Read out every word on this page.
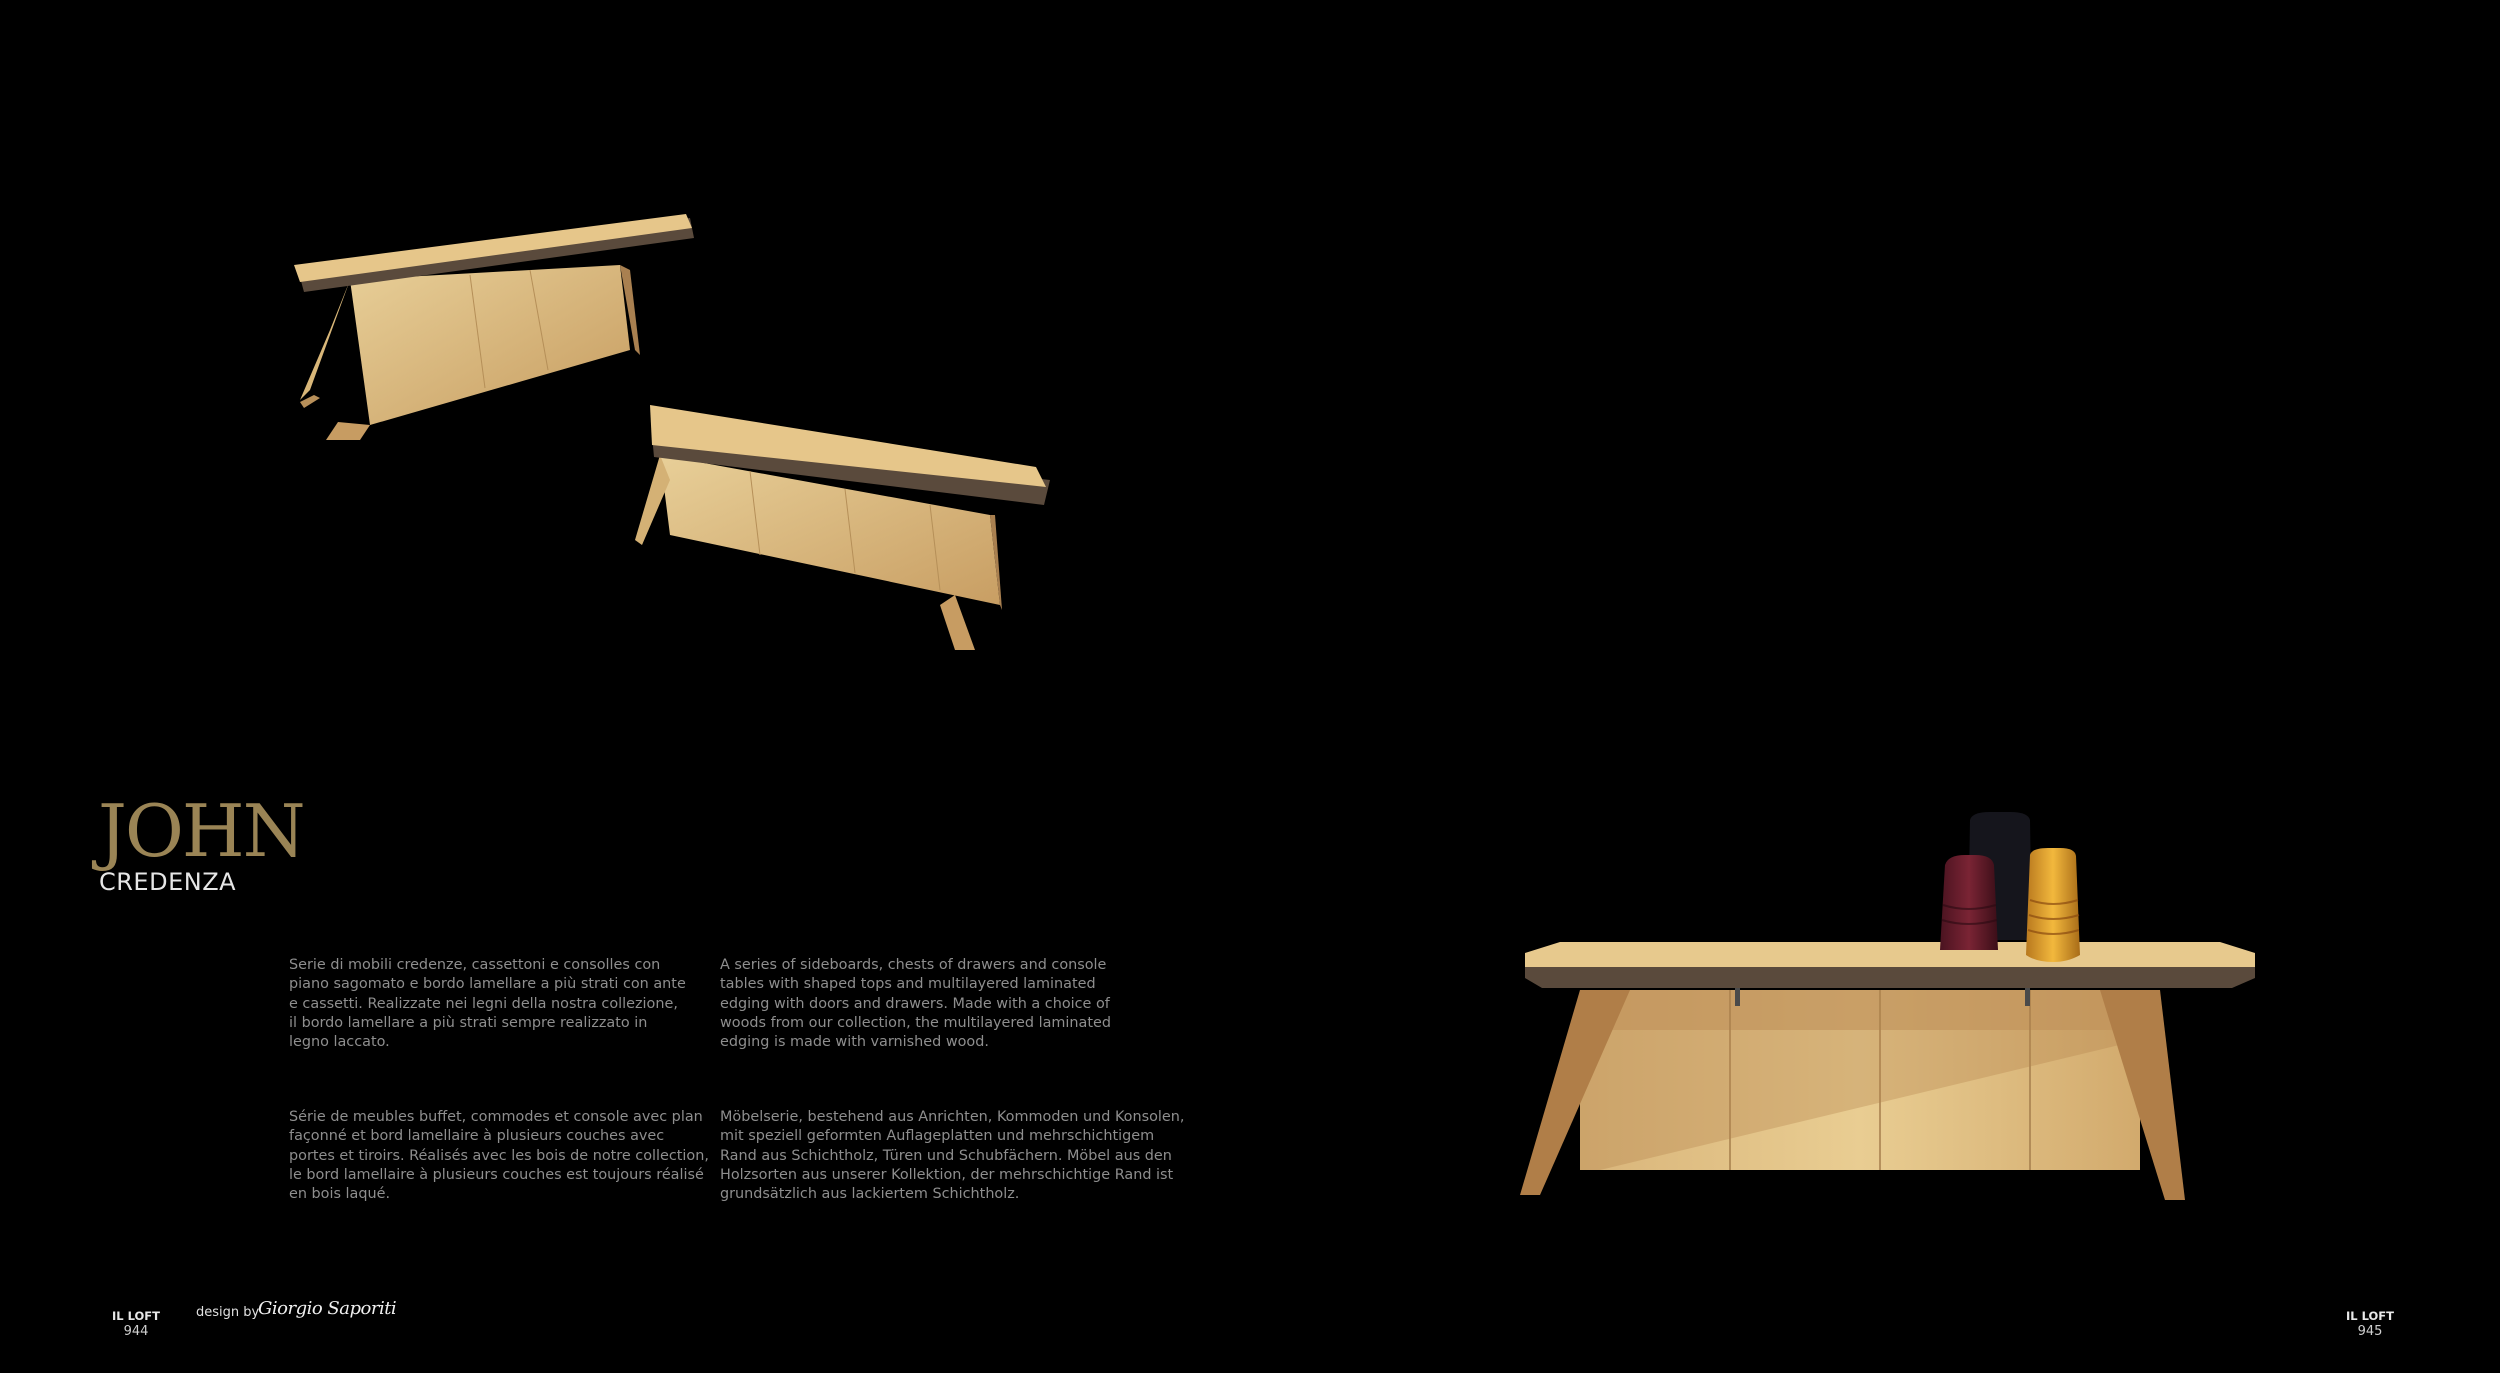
JOHN
CREDENZA
Serie di mobili credenze, cassettoni e consolles con
piano sagomato e bordo lamellare a più strati con ante
e cassetti. Realizzate nei legni della nostra collezione,
il bordo lamellare a più strati sempre realizzato in
legno laccato.
A series of sideboards, chests of drawers and console
tables with shaped tops and multilayered laminated
edging with doors and drawers. Made with a choice of
woods from our collection, the multilayered laminated
edging is made with varnished wood.
Série de meubles buffet, commodes et console avec plan
façonné et bord lamellaire à plusieurs couches avec
portes et tiroirs. Réalisés avec les bois de notre collection,
le bord lamellaire à plusieurs couches est toujours réalisé
en bois laqué.
Möbelserie, bestehend aus Anrichten, Kommoden und Konsolen,
mit speziell geformten Auflageplatten und mehrschichtigem
Rand aus Schichtholz, Türen und Schubfächern. Möbel aus den
Holzsorten aus unserer Kollektion, der mehrschichtige Rand ist
grundsätzlich aus lackiertem Schichtholz.
IL LOFT
944
design by
Giorgio Saporiti	IL LOFT
945
